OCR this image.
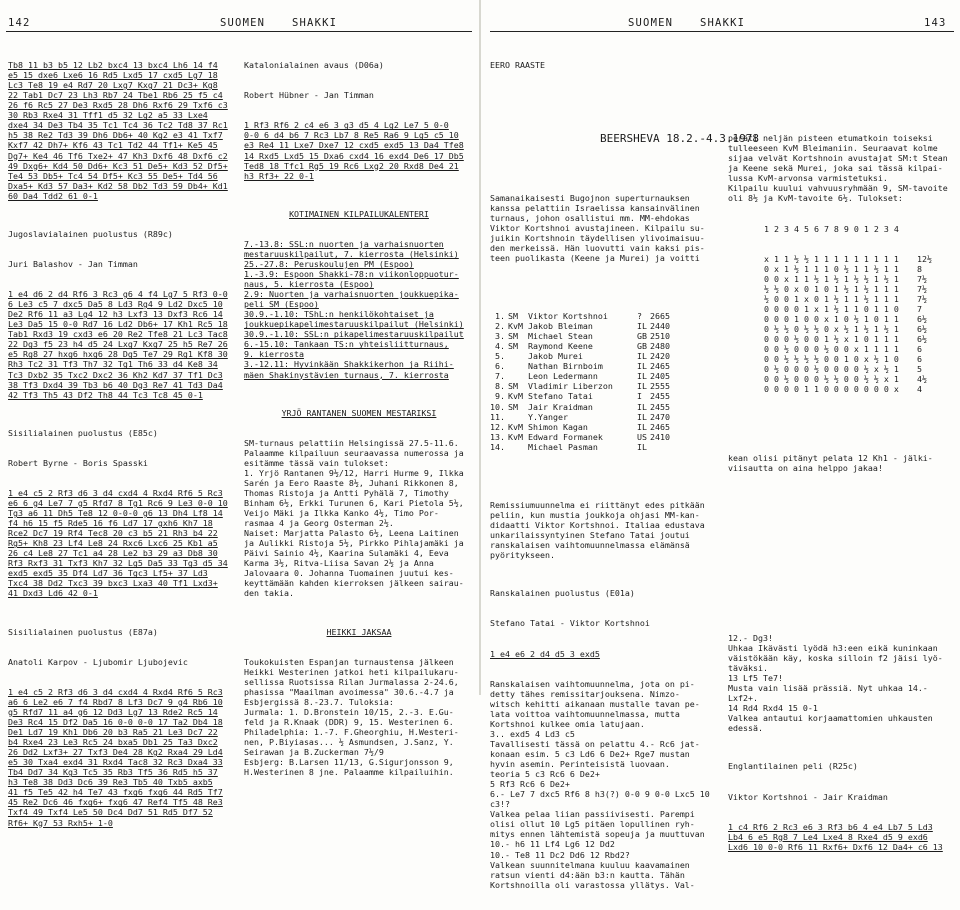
142	SUOMEN	SHAKKI	SUOMEN	SHAKKI	143

Tb8 11 b3 b5 12 Lb2 bxc4 13 bxc4 Lh6 14 f4
e5 15 dxe6 Lxe6 16 Rd5 Lxd5 17 cxd5 Lg7 18
Lc3 Te8 19 e4 Rd7 20 Lxg7 Kxg7 21 Dc3+ Kg8
22 Tab1 Dc7 23 Lh3 Rb7 24 Tbe1 Rb6 25 f5 c4
26 f6 Rc5 27 De3 Rxd5 28 Dh6 Rxf6 29 Txf6 c3
30 Rb3 Rxe4 31 Tff1 d5 32 Lg2 a5 33 Lxe4
dxe4 34 De3 Tb4 35 Tc1 Tc4 36 Tc2 Td8 37 Rc1
h5 38 Re2 Td3 39 Dh6 Db6+ 40 Kg2 e3 41 Txf7
Kxf7 42 Dh7+ Kf6 43 Tc1 Td2 44 Tf1+ Ke5 45
Dg7+ Ke4 46 Tf6 Txe2+ 47 Kh3 Dxf6 48 Dxf6 c2
49 Dxg6+ Kd4 50 Dd6+ Kc3 51 De5+ Kd3 52 Df5+
Te4 53 Db5+ Tc4 54 Df5+ Kc3 55 De5+ Td4 56
Dxa5+ Kd3 57 Da3+ Kd2 58 Db2 Td3 59 Db4+ Kd1
60 Da4 Tdd2 61 0-1

Jugoslavialainen puolustus (R89c)

Juri Balashov - Jan Timman

1 e4 d6 2 d4 Rf6 3 Rc3 g6 4 f4 Lg7 5 Rf3 0-0
6 Le3 c5 7 dxc5 Da5 8 Ld3 Rg4 9 Ld2 Dxc5 10
De2 Rf6 11 a3 Lg4 12 h3 Lxf3 13 Dxf3 Rc6 14
Le3 Da5 15 0-0 Rd7 16 Ld2 Db6+ 17 Kh1 Rc5 18
Tab1 Rxd3 19 cxd3 e6 20 Re2 Tfe8 21 Lc3 Tac8
22 Dg3 f5 23 h4 d5 24 Lxg7 Kxg7 25 h5 Re7 26
e5 Rg8 27 hxg6 hxg6 28 Dg5 Te7 29 Rg1 Kf8 30
Rh3 Tc2 31 Tf3 Th7 32 Tg1 Th6 33 d4 Ke8 34
Tc3 Dxb2 35 Txc2 Dxc2 36 Kh2 Kd7 37 Tf1 Dc3
38 Tf3 Dxd4 39 Tb3 b6 40 Dg3 Re7 41 Td3 Da4
42 Tf3 Th5 43 Df2 Th8 44 Tc3 Tc8 45 0-1

Sisilialainen puolustus (E85c)

Robert Byrne - Boris Spasski

1 e4 c5 2 Rf3 d6 3 d4 cxd4 4 Rxd4 Rf6 5 Rc3
e6 6 g4 Le7 7 g5 Rfd7 8 Tg1 Rc6 9 Le3 0-0 10
Tg3 a6 11 Dh5 Te8 12 0-0-0 g6 13 Dh4 Lf8 14
f4 h6 15 f5 Rde5 16 f6 Ld7 17 gxh6 Kh7 18
Rce2 Dc7 19 Rf4 Tec8 20 c3 b5 21 Rh3 b4 22
Rg5+ Kh8 23 Lf4 Le8 24 Rxc6 Lxc6 25 Kb1 a5
26 c4 Le8 27 Tc1 a4 28 Le2 b3 29 a3 Db8 30
Rf3 Rxf3 31 Txf3 Kh7 32 Lg5 Da5 33 Tg3 d5 34
exd5 exd5 35 Df4 Ld7 36 Tgc3 Lf5+ 37 Ld3
Txc4 38 Dd2 Txc3 39 bxc3 Lxa3 40 Tf1 Lxd3+
41 Dxd3 Ld6 42 0-1

Sisilialainen puolustus (E87a)

Anatoli Karpov - Ljubomir Ljubojevic

1 e4 c5 2 Rf3 d6 3 d4 cxd4 4 Rxd4 Rf6 5 Rc3
a6 6 Le2 e6 7 f4 Rbd7 8 Lf3 Dc7 9 g4 Rb6 10
g5 Rfd7 11 a4 g6 12 Dd3 Lg7 13 Rde2 Rc5 14
De3 Rc4 15 Df2 Da5 16 0-0 0-0 17 Ta2 Db4 18
De1 Ld7 19 Kh1 Db6 20 b3 Ra5 21 Le3 Dc7 22
b4 Rxe4 23 Le3 Rc5 24 bxa5 Db1 25 Ta3 Dxc2
26 Dd2 Lxf3+ 27 Txf3 De4 28 Kg2 Rxa4 29 Ld4
e5 30 Txa4 exd4 31 Rxd4 Tac8 32 Rc3 Dxa4 33
Tb4 Dd7 34 Kg3 Tc5 35 Rb3 Tf5 36 Rd5 h5 37
h3 Te8 38 Dd3 Dc6 39 Re3 Tb5 40 Txb5 axb5
41 f5 Te5 42 h4 Te7 43 fxg6 fxg6 44 Rd5 Tf7
45 Re2 Dc6 46 fxg6+ fxg6 47 Ref4 Tf5 48 Re3
Txf4 49 Txf4 Le5 50 Dc4 Dd7 51 Rd5 Df7 52
Rf6+ Kg7 53 Rxh5+ 1-0

Katalonialainen avaus (D06a)

Robert Hübner - Jan Timman

1 Rf3 Rf6 2 c4 e6 3 g3 d5 4 Lg2 Le7 5 0-0
0-0 6 d4 b6 7 Rc3 Lb7 8 Re5 Ra6 9 Lg5 c5 10
e3 Re4 11 Lxe7 Dxe7 12 cxd5 exd5 13 Da4 Tfe8
14 Rxd5 Lxd5 15 Dxa6 cxd4 16 exd4 De6 17 Db5
Ted8 18 Tfc1 Rg5 19 Rc6 Lxg2 20 Rxd8 De4 21
h3 Rf3+ 22 0-1

KOTIMAINEN KILPAILUKALENTERI

7.-13.8: SSL:n nuorten ja varhaisnuorten
mestaruuskilpailut, 7. kierrosta (Helsinki)
25.-27.8: Peruskoulujen PM (Espoo)
1.-3.9: Espoon Shakki-78:n viikonloppuotur-
naus, 5. kierrosta (Espoo)
2.9: Nuorten ja varhaisnuorten joukkuepika-
peli SM (Espoo)
30.9.-1.10: TShL:n henkilökohtaiset ja
joukkuepikapelimestaruuskilpailut (Helsinki)
30.9.-1.10: SSL:n pikapelimestaruuskilpailut
6.-15.10: Tankaan TS:n yhteisliitturnaus,
9. kierrosta
3.-12.11: Hyvinkään Shakkikerhon ja Riihi-
mäen Shakinystävien turnaus, 7. kierrosta

YRJÖ RANTANEN SUOMEN MESTARIKSI

SM-turnaus pelattiin Helsingissä 27.5-11.6.
Palaamme kilpailuun seuraavassa numerossa ja
esitämme tässä vain tulokset:
1. Yrjö Rantanen 9½/12, Harri Hurme 9, Ilkka
Sarén ja Eero Raaste 8½, Juhani Rikkonen 8,
Thomas Ristoja ja Antti Pyhälä 7, Timothy
Binham 6½, Erkki Turunen 6, Kari Pietola 5½,
Veijo Mäki ja Ilkka Kanko 4½, Timo Por-
rasmaa 4 ja Georg Osterman 2½.
Naiset: Marjatta Palasto 6½, Leena Laitinen
ja Aulikki Ristoja 5½, Pirkko Pihlajamäki ja
Päivi Sainio 4½, Kaarina Sulamäki 4, Eeva
Karma 3½, Ritva-Liisa Savan 2½ ja Anna
Jalovaara 0. Johanna Tuomainen juutui kes-
keyttämään kahden kierroksen jälkeen sairau-
den takia.

HEIKKI JAKSAA

Toukokuisten Espanjan turnaustensa jälkeen
Heikki Westerinen jatkoi heti kilpailukaru-
sellissa Ruotsissa Rilan Jurmalassa 2-24.6,
phasissa "Maailman avoimessa" 30.6.-4.7 ja
Esbjergissä 8.-23.7. Tuloksia:
Jurmala: 1. D.Bronstein 10/15, 2.-3. E.Gu-
feld ja R.Knaak (DDR) 9, 15. Westerinen 6.
Philadelphia: 1.-7. F.Gheorghiu, H.Westeri-
nen, P.Biyiasas... ½ Asmundsen, J.Sanz, Y.
Seirawan ja B.Zuckerman 7½/9
Esbjerg: B.Larsen 11/13, G.Sigurjonsson 9,
H.Westerinen 8 jne. Palaamme kilpailuihin.

EERO RAASTE

BEERSHEVA 18.2.-4.3.1978

Samanaikaisesti Bugojnon superturnauksen
kanssa pelattiin Israelissa kansainvälinen
turnaus, johon osallistui mm. MM-ehdokas
Viktor Kortshnoi avustajineen. Kilpailu su-
juikin Kortshnoin täydellisen ylivoimaisuu-
den merkeissä. Hän luovutti vain kaksi pis-
teen puolikasta (Keene ja Murei) ja voitti

1.	SM  Viktor Kortshnoi	?	2665
2.	KvM Jakob Bleiman	IL	2440
3.	SM  Michael Stean	GB	2510
4.	SM  Raymond Keene	GB	2480
5.	Jakob Murei	IL	2420
6.	Nathan Birnboim	IL	2465
7.	Leon Ledermann	IL	2405
8.	SM  Vladimir Liberzon	IL	2555
9.	KvM Stefano Tatai	I	2455
10.	SM  Jair Kraidman	IL	2455
11.	Y.Yanger	IL	2470
12.	KvM Shimon Kagan	IL	2465
13.	KvM Edward Formanek	US	2410
14.	Michael Pasman	IL	

Remissiumuunnelma ei riittänyt edes pitkään
peliin, kun mustia joukkoja ohjasi MM-kan-
didaatti Viktor Kortshnoi. Italiaa edustava
unkarilaissyntyinen Stefano Tatai joutui
ranskalaisen vaihtomuunnelmassa elämänsä
pyöritykseen.

Ranskalainen puolustus (E01a)

Stefano Tatai - Viktor Kortshnoi

1 e4 e6 2 d4 d5 3 exd5

Ranskalaisen vaihtomuunnelma, jota on pi-
detty tähes remissitarjouksena. Nimzo-
witsch kehitti aikanaan mustalle tavan pe-
lata voittoa vaihtomuunnelmassa, mutta
Kortshnoi kulkee omia latujaan.
3.. exd5 4 Ld3 c5
Tavallisesti tässä on pelattu 4.- Rc6 jat-
konaan esim. 5 c3 Ld6 6 De2+ Rge7 mustan
hyvin asemin. Perinteisistä luovaan.
teoria 5 c3 Rc6 6 De2+
5 Rf3 Rc6 6 De2+
6.- Le7 7 dxc5 Rf6 8 h3(?) 0-0 9 0-0 Lxc5 10
c3!?
Valkea pelaa liian passiivisesti. Parempi
olisi ollut 10 Lg5 pitäen lopullinen ryh-
mitys ennen lähtemistä sopeuja ja muuttuvan
10.- h6 11 Lf4 Lg6 12 Dd2
10.- Te8 11 Dc2 Dd6 12 Rbd2?
Valkean suunnitelmana kuuluu kaavamainen
ratsun vienti d4:ään b3:n kautta. Tähän
Kortshnoilla oli varastossa yllätys. Val-

peräti neljän pisteen etumatkoin toiseksi
tulleeseen KvM Bleimaniin. Seuraavat kolme
sijaa velvät Kortshnoin avustajat SM:t Stean
ja Keene sekä Murei, joka sai tässä kilpai-
lussa KvM-arvonsa varmistetuksi.
Kilpailu kuului vahvuusryhmään 9, SM-tavoite
oli 8½ ja KvM-tavoite 6½. Tulokset:

1 2 3 4 5 6 7 8 9 0 1 2 3 4

x 1 1 ½ ½ 1 1 1 1 1 1 1 1 1	12½
0 x 1 ½ 1 1 1 0 ½ 1 1 ½ 1 1	8
0 0 x 1 1 ½ 1 ½ 1 ½ ½ 1 ½ 1	7½
½ ½ 0 x 0 1 0 1 ½ 1 ½ 1 1 1	7½
½ 0 0 1 x 0 1 ½ 1 1 ½ 1 1 1	7½
0 0 0 0 1 x 1 ½ 1 1 0 1 1 0	7
0 0 0 1 0 0 x 1 0 ½ 1 0 1 1	6½
0 ½ ½ 0 ½ ½ 0 x ½ 1 ½ 1 ½ 1	6½
0 0 0 ½ 0 0 1 ½ x 1 0 1 1 1	6½
0 0 ½ 0 0 0 ½ 0 0 x 1 1 1 1	6
0 0 ½ ½ ½ ½ 0 0 1 0 x ½ 1 0	6
0 ½ 0 0 0 ½ 0 0 0 0 ½ x ½ 1	5
0 0 ½ 0 0 0 ½ ½ 0 0 ½ ½ x 1	4½
0 0 0 0 1 1 0 0 0 0 0 0 0 x	4

kean olisi pitänyt pelata 12 Kh1 - jälki-
viisautta on aina helppo jakaa!

12.- Dg3!
Uhkaa Ikävästi lyödä h3:een eikä kuninkaan
väistökään käy, koska silloin f2 jäisi lyö-
täväksi.
13 Lf5 Te7!
Musta vain lisää prässiä. Nyt uhkaa 14.-
Lxf2+.
14 Rd4 Rxd4 15 0-1
Valkea antautui korjaamattomien uhkausten
edessä.

Englantilainen peli (R25c)

Viktor Kortshnoi - Jair Kraidman

1 c4 Rf6 2 Rc3 e6 3 Rf3 b6 4 e4 Lb7 5 Ld3
Lb4 6 e5 Rg8 7 Le4 Lxe4 8 Rxe4 d5 9 exd6
Lxd6 10 0-0 Rf6 11 Rxf6+ Dxf6 12 Da4+ c6 13
